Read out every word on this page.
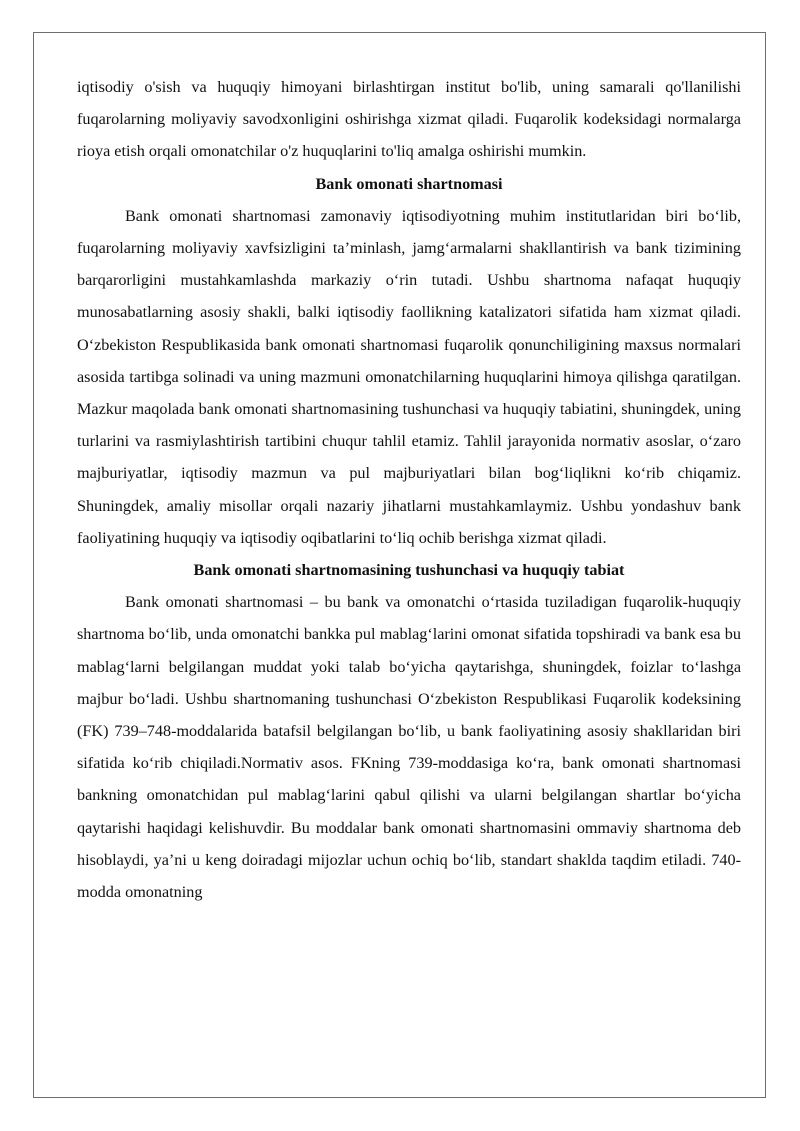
iqtisodiy o'sish va huquqiy himoyani birlashtirgan institut bo'lib, uning samarali qo'llanilishi fuqarolarning moliyaviy savodxonligini oshirishga xizmat qiladi. Fuqarolik kodeksidagi normalarga rioya etish orqali omonatchilar o'z huquqlarini to'liq amalga oshirishi mumkin.

Bank omonati shartnomasi

Bank omonati shartnomasi zamonaviy iqtisodiyotning muhim institutlaridan biri bo‘lib, fuqarolarning moliyaviy xavfsizligini ta’minlash, jamg‘armalarni shakllantirish va bank tizimining barqarorligini mustahkamlashda markaziy o‘rin tutadi. Ushbu shartnoma nafaqat huquqiy munosabatlarning asosiy shakli, balki iqtisodiy faollikning katalizatori sifatida ham xizmat qiladi. O‘zbekiston Respublikasida bank omonati shartnomasi fuqarolik qonunchiligining maxsus normalari asosida tartibga solinadi va uning mazmuni omonatchilarning huquqlarini himoya qilishga qaratilgan. Mazkur maqolada bank omonati shartnomasining tushunchasi va huquqiy tabiatini, shuningdek, uning turlarini va rasmiylashtirish tartibini chuqur tahlil etamiz. Tahlil jarayonida normativ asoslar, o‘zaro majburiyatlar, iqtisodiy mazmun va pul majburiyatlari bilan bog‘liqlikni ko‘rib chiqamiz. Shuningdek, amaliy misollar orqali nazariy jihatlarni mustahkamlaymiz. Ushbu yondashuv bank faoliyatining huquqiy va iqtisodiy oqibatlarini to‘liq ochib berishga xizmat qiladi.

Bank omonati shartnomasining tushunchasi va huquqiy tabiat

Bank omonati shartnomasi – bu bank va omonatchi o‘rtasida tuziladigan fuqarolik-huquqiy shartnoma bo‘lib, unda omonatchi bankka pul mablag‘larini omonat sifatida topshiradi va bank esa bu mablag‘larni belgilangan muddat yoki talab bo‘yicha qaytarishga, shuningdek, foizlar to‘lashga majbur bo‘ladi. Ushbu shartnomaning tushunchasi O‘zbekiston Respublikasi Fuqarolik kodeksining (FK) 739–748-moddalarida batafsil belgilangan bo‘lib, u bank faoliyatining asosiy shakllaridan biri sifatida ko‘rib chiqiladi.Normativ asos. FKning 739-moddasiga ko‘ra, bank omonati shartnomasi bankning omonatchidan pul mablag‘larini qabul qilishi va ularni belgilangan shartlar bo‘yicha qaytarishi haqidagi kelishuvdir. Bu moddalar bank omonati shartnomasini ommaviy shartnoma deb hisoblaydi, ya’ni u keng doiradagi mijozlar uchun ochiq bo‘lib, standart shaklda taqdim etiladi. 740-modda omonatning
